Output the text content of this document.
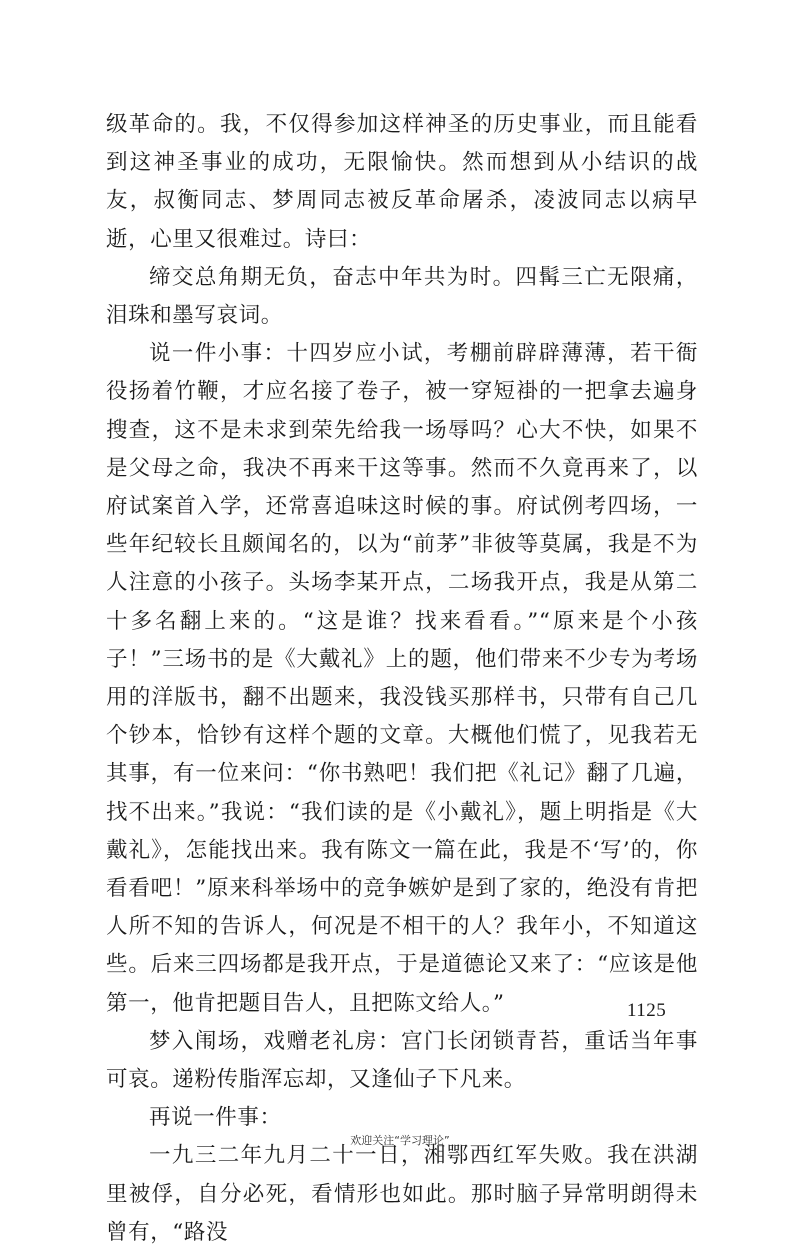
级革命的。我，不仅得参加这样神圣的历史事业，而且能看到这神圣事业的成功，无限愉快。然而想到从小结识的战友，叔衡同志、梦周同志被反革命屠杀，凌波同志以病早逝，心里又很难过。诗曰：

缔交总角期无负，奋志中年共为时。四髯三亡无限痛，泪珠和墨写哀词。

说一件小事：十四岁应小试，考棚前辟辟薄薄，若干衙役扬着竹鞭，才应名接了卷子，被一穿短褂的一把拿去遍身搜查，这不是未求到荣先给我一场辱吗？心大不快，如果不是父母之命，我决不再来干这等事。然而不久竟再来了，以府试案首入学，还常喜追味这时候的事。府试例考四场，一些年纪较长且颇闻名的，以为“前茅”非彼等莫属，我是不为人注意的小孩子。头场李某开点，二场我开点，我是从第二十多名翻上来的。“这是谁？找来看看。”“原来是个小孩子！”三场书的是《大戴礼》上的题，他们带来不少专为考场用的洋版书，翻不出题来，我没钱买那样书，只带有自己几个钞本，恰钞有这样个题的文章。大概他们慌了，见我若无其事，有一位来问：“你书熟吧！我们把《礼记》翻了几遍，找不出来。”我说：“我们读的是《小戴礼》，题上明指是《大戴礼》，怎能找出来。我有陈文一篇在此，我是不‘写’的，你看看吧！”原来科举场中的竞争嫉妒是到了家的，绝没有肯把人所不知的告诉人，何况是不相干的人？我年小，不知道这些。后来三四场都是我开点，于是道德论又来了：“应该是他第一，他肯把题目告人，且把陈文给人。”

梦入闱场，戏赠老礼房：宫门长闭锁青苔，重话当年事可哀。递粉传脂浑忘却，又逢仙子下凡来。

再说一件事：

一九三二年九月二十一日，湘鄂西红军失败。我在洪湖里被俘，自分必死，看情形也如此。那时脑子异常明朗得未曾有，“路没

1125
欢迎关注“学习理论”
